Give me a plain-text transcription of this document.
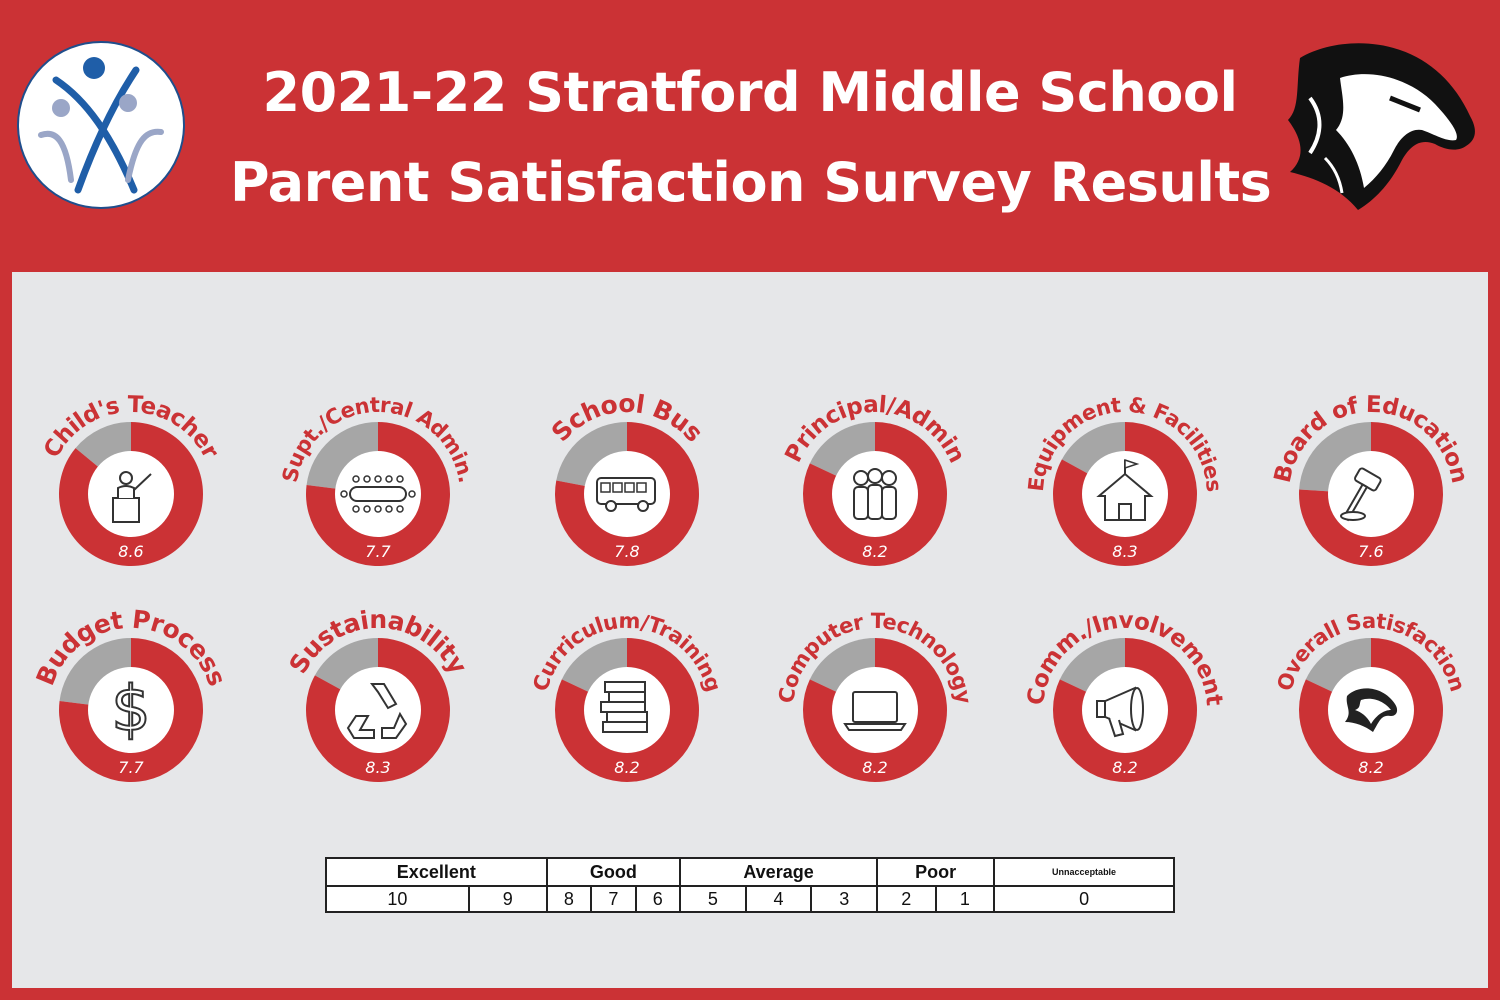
2021-22 Stratford Middle School
Parent Satisfaction Survey Results
Child's Teacher
8.6
Supt./Central Admin.
7.7
School Bus
7.8
Principal/Admin
8.2
Equipment & Facilities
8.3
Board of Education
7.6
$
Budget Process
7.7
Sustainability
8.3
Curriculum/Training
8.2
Computer Technology
8.2
Comm./Involvement
8.2
Overall Satisfaction
8.2
Excellent		Good			Average			Poor		Unnacceptable
10	9	8	7	6	5	4	3	2	1	0
